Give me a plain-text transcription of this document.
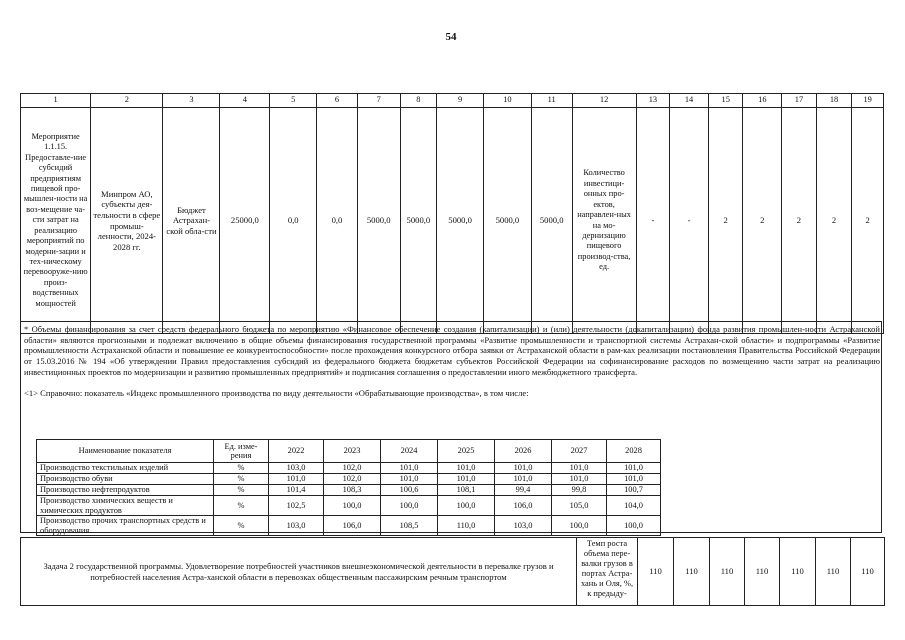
54
1	2	3	4	5	6	7	8	9	10	11	12	13	14	15	16	17	18	19
Мероприятие 1.1.15. Предоставле-ние субсидий предприятиям пищевой про-мышлен-ности на воз-мещение ча-сти затрат на реализацию мероприятий по модерни-зации и тех-ническому перевооруже-нию произ-водственных мощностей	Минпром АО, субъекты дея-тельности в сфере промыш-ленности, 2024-2028 гг.	Бюджет Астрахан-ской обла-сти	25000,0	0,0	0,0	5000,0	5000,0	5000,0	5000,0	5000,0	Количество инвестици-онных про-ектов, направлен-ных на мо-дернизацию пищевого производ-ства, ед.	-	-	2	2	2	2	2
* Объемы финансирования за счет средств федерального бюджета по мероприятию «Финансовое обеспечение создания (капитализации) и (или) деятельности (докапитализации) фонда развития промышлен-ности Астраханской области» являются прогнозными и подлежат включению в общие объемы финансирования государственной программы «Развитие промышленности и транспортной системы Астрахан-ской области» и подпрограммы «Развитие промышленности Астраханской области и повышение ее конкурентоспособности» после прохождения конкурсного отбора заявки от Астраханской области в рам-ках реализации постановления Правительства Российской Федерации от 15.03.2016 № 194 «Об утверждении Правил предоставления субсидий из федерального бюджета бюджетам субъектов Российской Федерации на софинансирование расходов по возмещению части затрат на реализацию инвестиционных проектов по модернизации и развитию промышленных предприятий» и подписания соглашения о предоставлении иного межбюджетного трансферта.
<1> Справочно: показатель «Индекс промышленного производства по виду деятельности «Обрабатывающие производства», в том числе:
Наименование показателя	Ед. изме-рения	2022	2023	2024	2025	2026	2027	2028
Производство текстильных изделий	%	103,0	102,0	101,0	101,0	101,0	101,0	101,0
Производство обуви	%	101,0	102,0	101,0	101,0	101,0	101,0	101,0
Производство нефтепродуктов	%	101,4	108,3	100,6	108,1	99,4	99,8	100,7
Производство химических веществ и химических продуктов	%	102,5	100,0	100,0	100,0	106,0	105,0	104,0
Производство прочих транспортных средств и оборудования	%	103,0	106,0	108,5	110,0	103,0	100,0	100,0
Задача 2 государственной программы. Удовлетворение потребностей участников внешнеэкономической деятельности в перевалке грузов и потребностей населения Астра-ханской области в перевозках общественным пассажирским речным транспортом	Темп роста объема пере-валки грузов в портах Астра-хань и Оля, %, к предыду-	110	110	110	110	110	110	110
